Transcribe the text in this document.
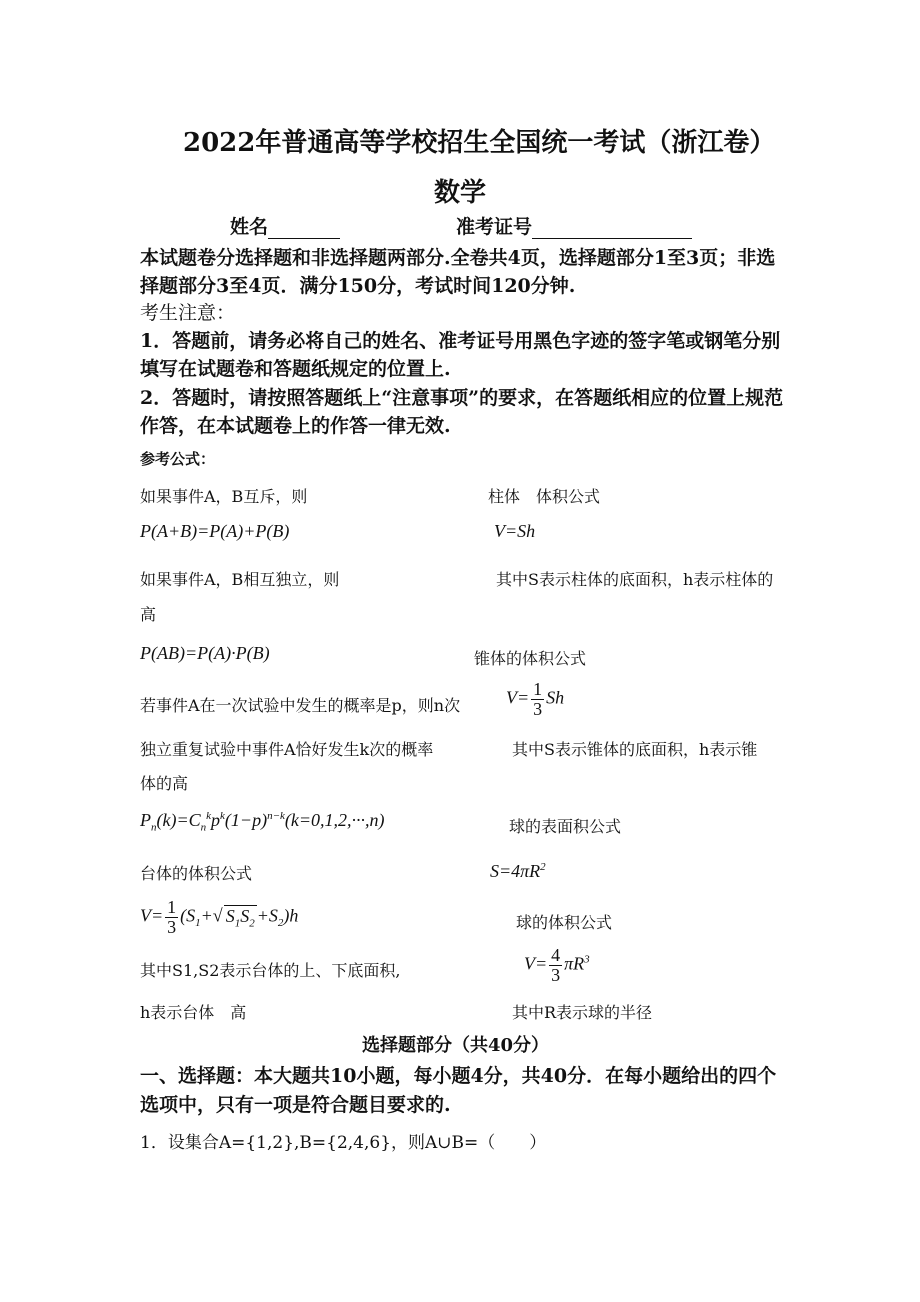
2022年普通高等学校招生全国统一考试（浙江卷）
数学
姓名	准考证号
本试题卷分选择题和非选择题两部分.全卷共4页，选择题部分1至3页；非选
择题部分3至4页．满分150分，考试时间120分钟.
考生注意：
1．答题前，请务必将自己的姓名、准考证号用黑色字迹的签字笔或钢笔分别
填写在试题卷和答题纸规定的位置上.
2．答题时，请按照答题纸上“注意事项”的要求，在答题纸相应的位置上规范
作答，在本试题卷上的作答一律无效.
参考公式：
如果事件A，B互斥，则
P(A+B)=P(A)+P(B)
如果事件A，B相互独立，则
P(AB)=P(A)·P(B)
若事件A在一次试验中发生的概率是p，则n次
独立重复试验中事件A恰好发生k次的概率
$P_n(k)=C_n^kp^k(1-p)^{n-k}(k=0,1,2,\cdot\cdot\cdot,n)$
台体的体积公式
$V= \frac{1}{3} (S_1+√$ $S_1S_2 +S_2)h$
其中S1,S2表示台体的上、下底面积,
h表示台体　高
柱体　体积公式
V=Sh
其中S表示柱体的底面积，h表示柱体的
高
锥体的体积公式
$V= \frac{1}{3}$ Sh
其中S表示锥体的底面积，h表示锥
体的高
球的表面积公式
$S=4\pi R^2$
球的体积公式
$V= \frac{4}{3} \pi R^3$
其中R表示球的半径
选择题部分（共40分）
一、选择题：本大题共10小题，每小题4分，共40分．在每小题给出的四个
选项中，只有一项是符合题目要求的.
1．设集合A={1,2},B={2,4,6}，则A∪B=（　　）
